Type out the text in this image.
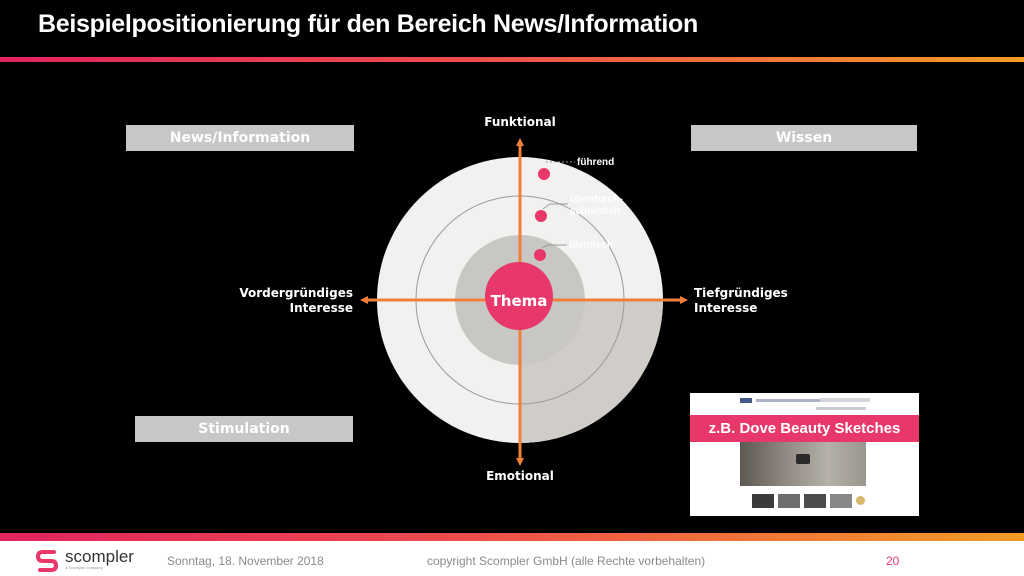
Beispielpositionierung für den Bereich News/Information
News/Information	Wissen
Stimulation
Thema
Funktional
Emotional
Vordergründiges
Interesse
Tiefgründiges
Interesse
führend
überdurch-
schnittlich
identisch
z.B. Dove Beauty Sketches
scompler
a Scompler company	Sonntag, 18. November 2018	copyright Scompler GmbH (alle Rechte vorbehalten)	20
